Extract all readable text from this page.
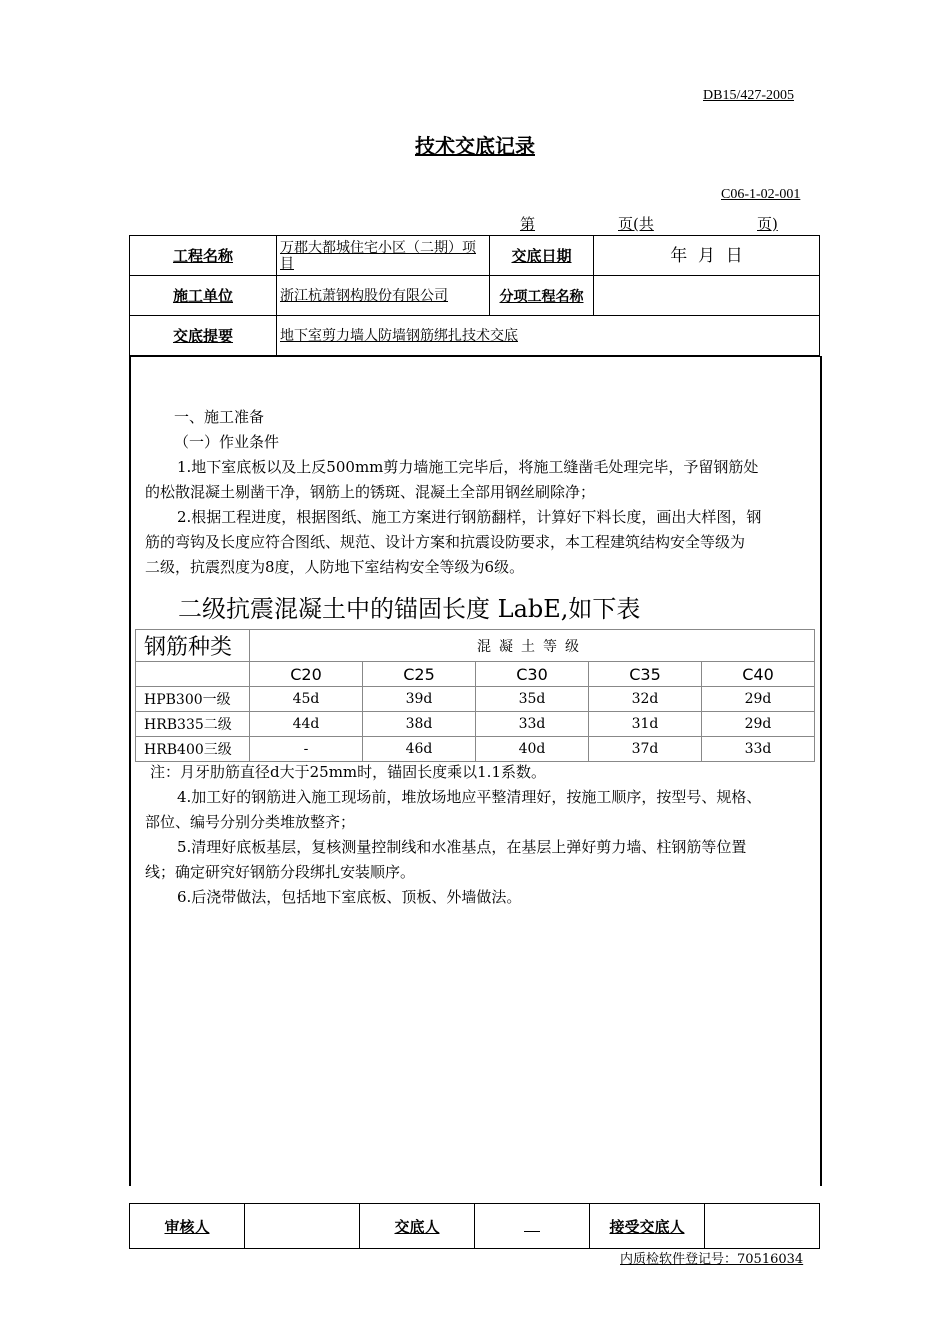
DB15/427-2005
技术交底记录
C06-1-02-001
第	页(共	页)
工程名称	万郡大都城住宅小区（二期）项目	交底日期	年  月  日
施工单位	浙江杭萧钢构股份有限公司	分项工程名称	
交底提要	地下室剪力墙人防墙钢筋绑扎技术交底		
一、施工准备
（一）作业条件
1.地下室底板以及上反500mm剪力墙施工完毕后，将施工缝凿毛处理完毕，予留钢筋处
的松散混凝土剔凿干净，钢筋上的锈斑、混凝土全部用钢丝刷除净；
2.根据工程进度，根据图纸、施工方案进行钢筋翻样，计算好下料长度，画出大样图，钢
筋的弯钩及长度应符合图纸、规范、设计方案和抗震设防要求，本工程建筑结构安全等级为
二级，抗震烈度为8度，人防地下室结构安全等级为6级。
二级抗震混凝土中的锚固长度 LabE,如下表
钢筋种类	混凝土等级				
	C20	C25	C30	C35	C40
HPB300一级	45d	39d	35d	32d	29d
HRB335二级	44d	38d	33d	31d	29d
HRB400三级	-	46d	40d	37d	33d
注：月牙肋筋直径d大于25mm时，锚固长度乘以1.1系数。
4.加工好的钢筋进入施工现场前，堆放场地应平整清理好，按施工顺序，按型号、规格、
部位、编号分别分类堆放整齐；
5.清理好底板基层，复核测量控制线和水准基点，在基层上弹好剪力墙、柱钢筋等位置
线；确定研究好钢筋分段绑扎安装顺序。
6.后浇带做法，包括地下室底板、顶板、外墙做法。
审核人		交底人		接受交底人	
内质检软件登记号：70516034
